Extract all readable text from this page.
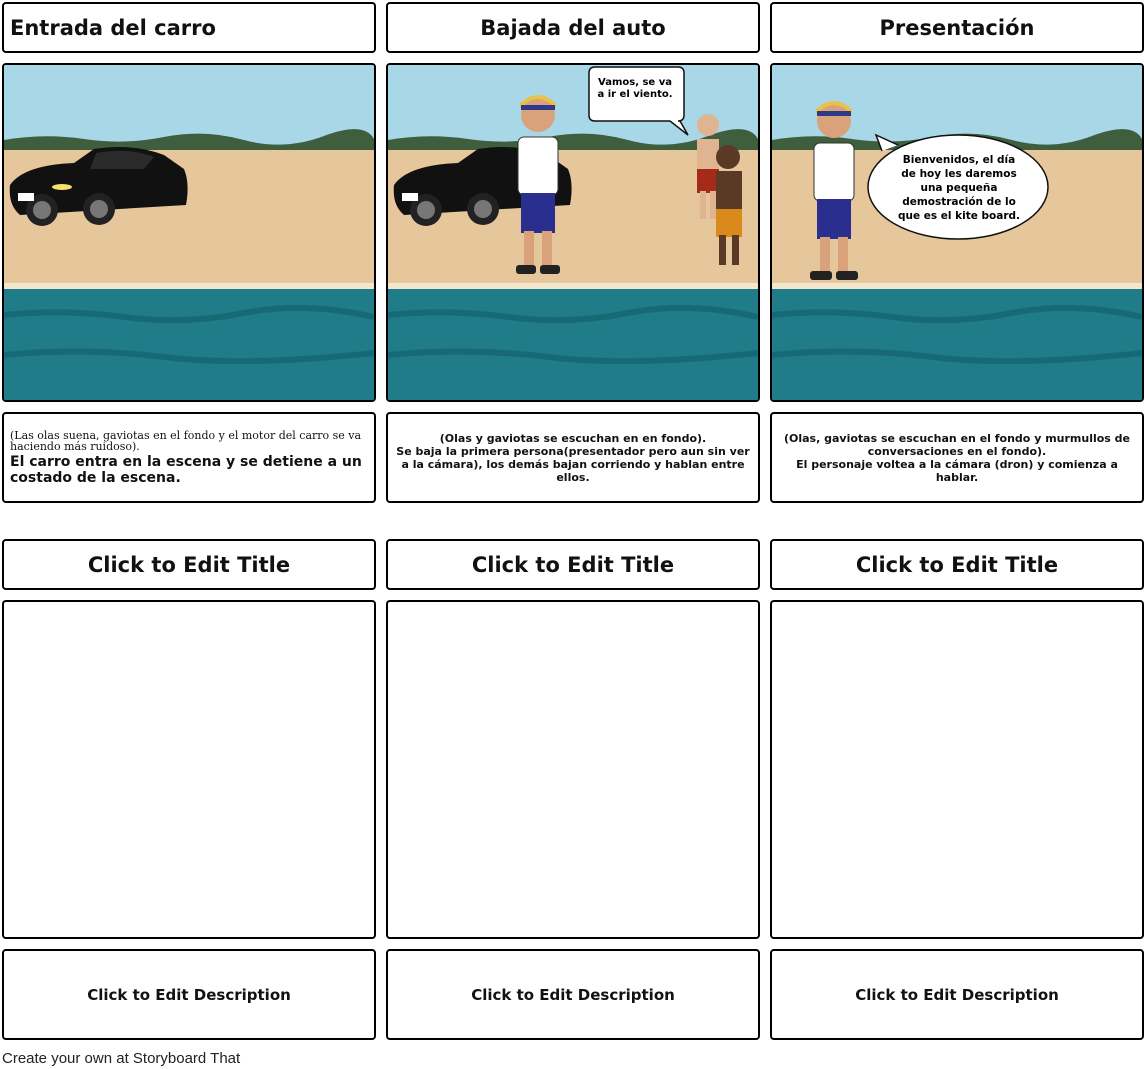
Entrada del carro	Bajada del auto	Presentación
Vamos, se va a ir el viento.
Bienvenidos, el día de hoy les daremos una pequeña demostración de lo que es el kite board.
(Las olas suena, gaviotas en el fondo y el motor del carro se va haciendo más ruidoso).
El carro entra en la escena y se detiene a un costado de la escena.
(Olas y gaviotas se escuchan en en fondo).
Se baja la primera persona(presentador pero aun sin ver a la cámara), los demás bajan corriendo y hablan entre ellos.
(Olas, gaviotas se escuchan en el fondo y murmullos de conversaciones en el fondo).
El personaje voltea a la cámara (dron) y comienza a hablar.
Click to Edit Title	Click to Edit Title	Click to Edit Title
Click to Edit Description	Click to Edit Description	Click to Edit Description
Create your own at Storyboard That
